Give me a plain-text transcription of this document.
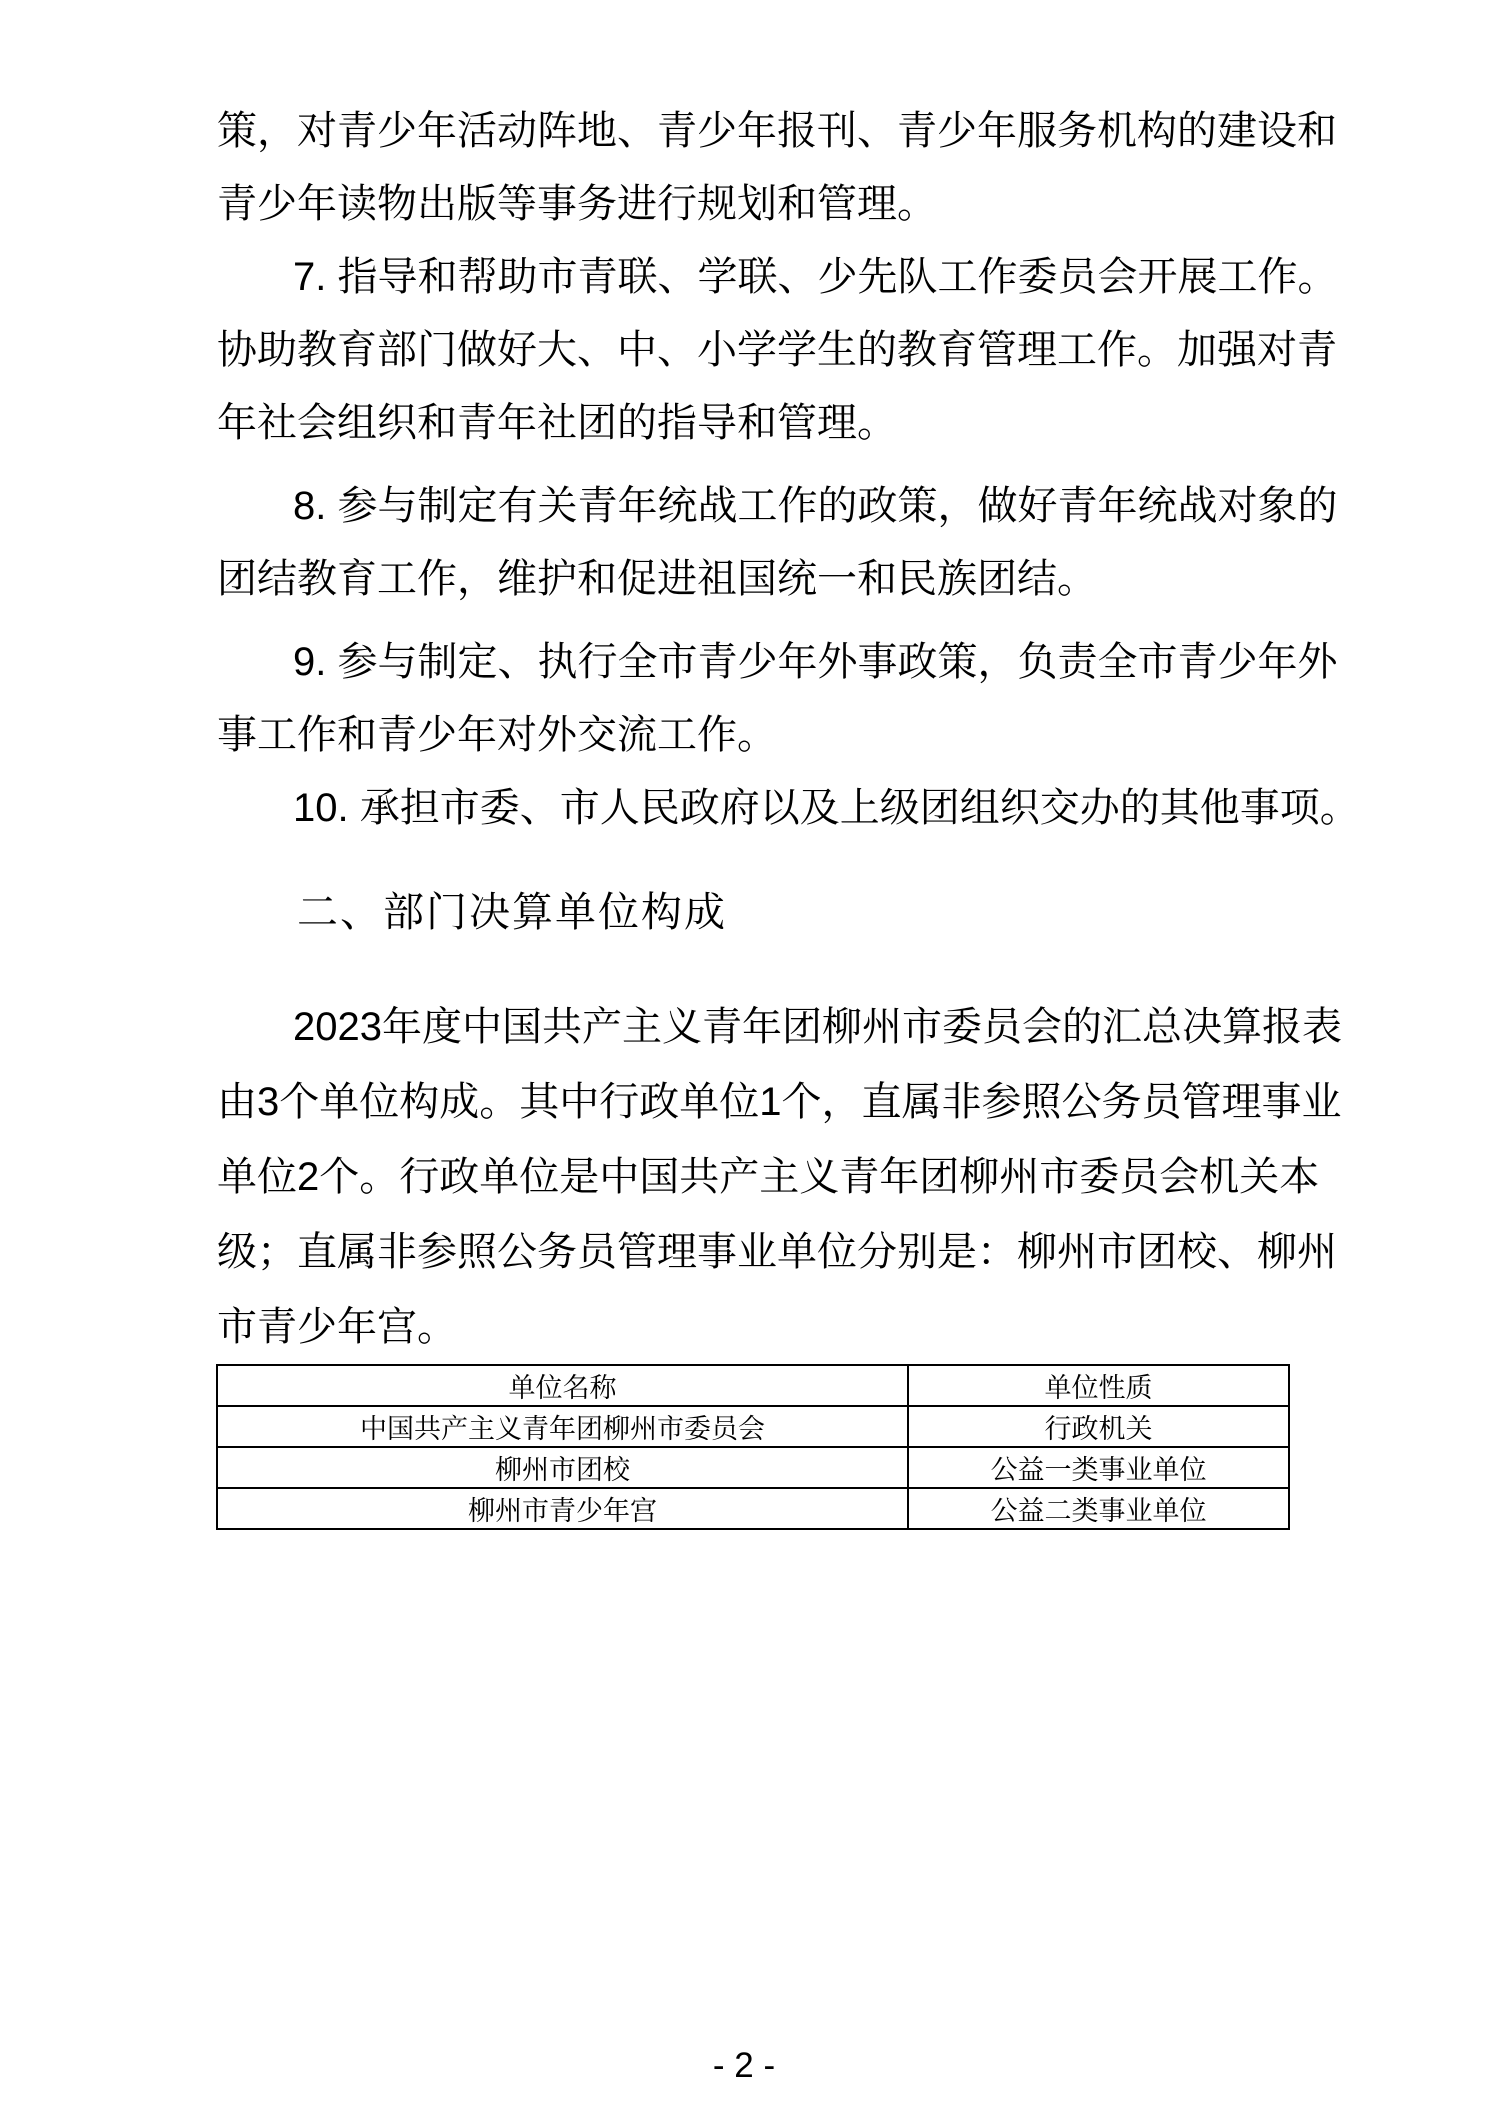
策，对青少年活动阵地、青少年报刊、青少年服务机构的建设和
青少年读物出版等事务进行规划和管理。
7. 指导和帮助市青联、学联、少先队工作委员会开展工作。
协助教育部门做好大、中、小学学生的教育管理工作。加强对青
年社会组织和青年社团的指导和管理。
8. 参与制定有关青年统战工作的政策，做好青年统战对象的
团结教育工作，维护和促进祖国统一和民族团结。
9. 参与制定、执行全市青少年外事政策，负责全市青少年外
事工作和青少年对外交流工作。
10. 承担市委、市人民政府以及上级团组织交办的其他事项。
二、部门决算单位构成
2023年度中国共产主义青年团柳州市委员会的汇总决算报表
由3个单位构成。其中行政单位1个，直属非参照公务员管理事业
单位2个。行政单位是中国共产主义青年团柳州市委员会机关本
级；直属非参照公务员管理事业单位分别是：柳州市团校、柳州
市青少年宫。
单位名称	单位性质
中国共产主义青年团柳州市委员会	行政机关
柳州市团校	公益一类事业单位
柳州市青少年宫	公益二类事业单位
- 2 -
